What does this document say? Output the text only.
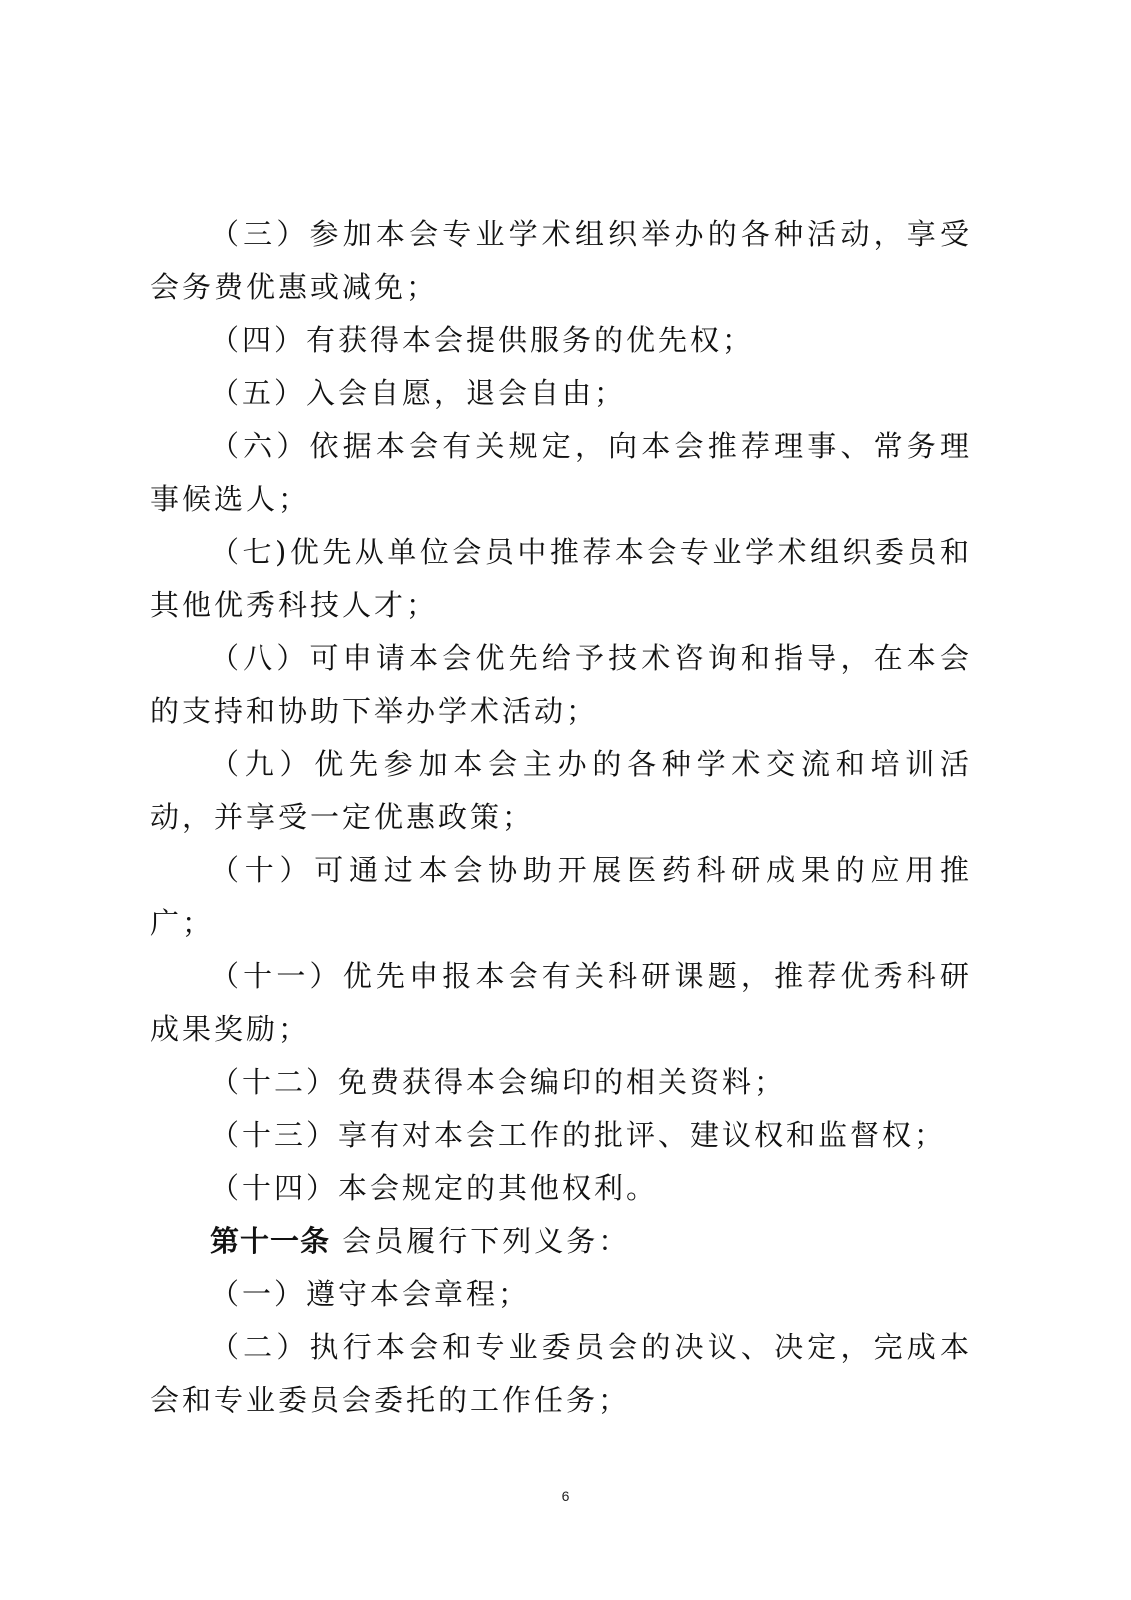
（三）参加本会专业学术组织举办的各种活动，享受会务费优惠或减免；

（四）有获得本会提供服务的优先权；

（五）入会自愿，退会自由；

（六）依据本会有关规定，向本会推荐理事、常务理事候选人；

（七)优先从单位会员中推荐本会专业学术组织委员和其他优秀科技人才；

（八）可申请本会优先给予技术咨询和指导，在本会的支持和协助下举办学术活动；

（九）优先参加本会主办的各种学术交流和培训活动，并享受一定优惠政策；

（十）可通过本会协助开展医药科研成果的应用推广；

（十一）优先申报本会有关科研课题，推荐优秀科研成果奖励；

（十二）免费获得本会编印的相关资料；

（十三）享有对本会工作的批评、建议权和监督权；

（十四）本会规定的其他权利。

第十一条 会员履行下列义务：

（一）遵守本会章程；

（二）执行本会和专业委员会的决议、决定，完成本会和专业委员会委托的工作任务；

6
